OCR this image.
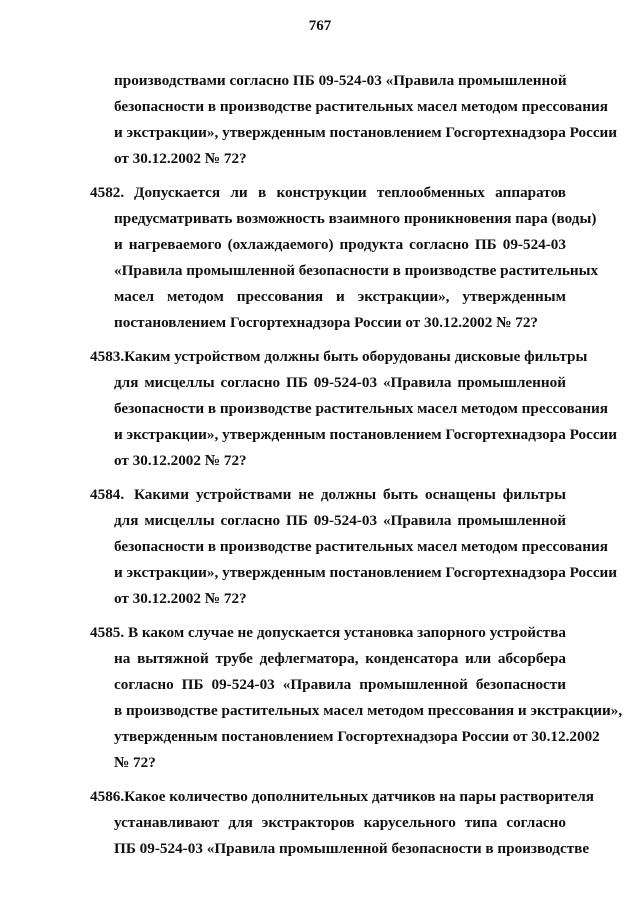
767
производствами согласно ПБ 09-524-03 «Правила промышленной
безопасности в производстве растительных масел методом прессования
и экстракции», утвержденным постановлением Госгортехнадзора России
от 30.12.2002 № 72?
4582. Допускается ли в конструкции теплообменных аппаратов
предусматривать возможность взаимного проникновения пара (воды)
и нагреваемого (охлаждаемого) продукта согласно ПБ 09-524-03
«Правила промышленной безопасности в производстве растительных
масел методом прессования и экстракции», утвержденным
постановлением Госгортехнадзора России от 30.12.2002 № 72?
4583. Каким устройством должны быть оборудованы дисковые фильтры
для мисцеллы согласно ПБ 09-524-03 «Правила промышленной
безопасности в производстве растительных масел методом прессования
и экстракции», утвержденным постановлением Госгортехнадзора России
от 30.12.2002 № 72?
4584. Какими устройствами не должны быть оснащены фильтры
для мисцеллы согласно ПБ 09-524-03 «Правила промышленной
безопасности в производстве растительных масел методом прессования
и экстракции», утвержденным постановлением Госгортехнадзора России
от 30.12.2002 № 72?
4585. В каком случае не допускается установка запорного устройства
на вытяжной трубе дефлегматора, конденсатора или абсорбера
согласно ПБ 09-524-03 «Правила промышленной безопасности
в производстве растительных масел методом прессования и экстракции»,
утвержденным постановлением Госгортехнадзора России от 30.12.2002
№ 72?
4586. Какое количество дополнительных датчиков на пары растворителя
устанавливают для экстракторов карусельного типа согласно
ПБ 09-524-03 «Правила промышленной безопасности в производстве
